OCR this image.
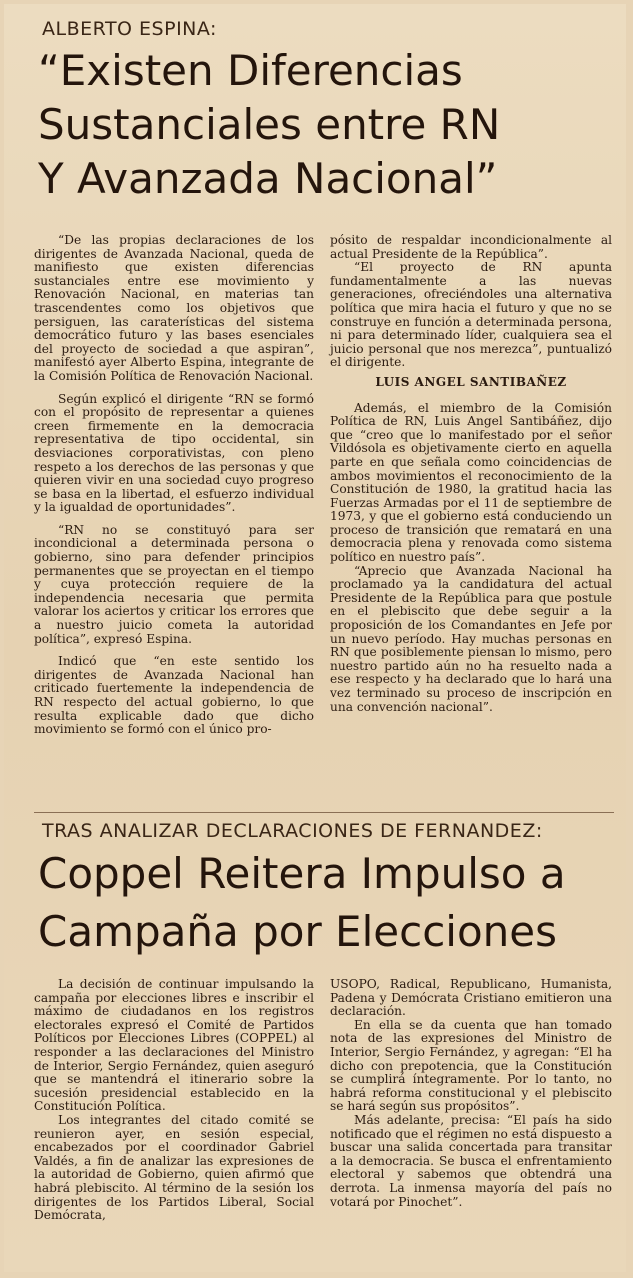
ALBERTO ESPINA:
“Existen Diferencias
Sustanciales entre RN
Y Avanzada Nacional”

“De las propias declaraciones de los dirigentes de Avanzada Nacional, queda de manifiesto que existen diferencias sustanciales entre ese movimiento y Renovación Nacional, en materias tan trascendentes como los objetivos que persiguen, las caraterísticas del sistema democrático futuro y las bases esenciales del proyecto de sociedad a que aspiran”, manifestó ayer Alberto Espina, integrante de la Comisión Política de Renovación Nacional.

Según explicó el dirigente “RN se formó con el propósito de representar a quienes creen firmemente en la democracia representativa de tipo occidental, sin desviaciones corporativistas, con pleno respeto a los derechos de las personas y que quieren vivir en una sociedad cuyo progreso se basa en la libertad, el esfuerzo individual y la igualdad de oportunidades”.

“RN no se constituyó para ser incondicional a determinada persona o gobierno, sino para defender principios permanentes que se proyectan en el tiempo y cuya protección requiere de la independencia necesaria que permita valorar los aciertos y criticar los errores que a nuestro juicio cometa la autoridad política”, expresó Espina.

Indicó que “en este sentido los dirigentes de Avanzada Nacional han criticado fuertemente la independencia de RN respecto del actual gobierno, lo que resulta explicable dado que dicho movimiento se formó con el único pro-

pósito de respaldar incondicionalmente al actual Presidente de la República”.

“El proyecto de RN apunta fundamentalmente a las nuevas generaciones, ofreciéndoles una alternativa política que mira hacia el futuro y que no se construye en función a determinada persona, ni para determinado líder, cualquiera sea el juicio personal que nos merezca”, puntualizó el dirigente.

LUIS ANGEL SANTIBAÑEZ

Además, el miembro de la Comisión Política de RN, Luis Angel Santibáñez, dijo que “creo que lo manifestado por el señor Vildósola es objetivamente cierto en aquella parte en que señala como coincidencias de ambos movimientos el reconocimiento de la Constitución de 1980, la gratitud hacia las Fuerzas Armadas por el 11 de septiembre de 1973, y que el gobierno está conduciendo un proceso de transición que rematará en una democracia plena y renovada como sistema político en nuestro país”.

“Aprecio que Avanzada Nacional ha proclamado ya la candidatura del actual Presidente de la República para que postule en el plebiscito que debe seguir a la proposición de los Comandantes en Jefe por un nuevo período. Hay muchas personas en RN que posiblemente piensan lo mismo, pero nuestro partido aún no ha resuelto nada a ese respecto y ha declarado que lo hará una vez terminado su proceso de inscripción en una convención nacional”.

TRAS ANALIZAR DECLARACIONES DE FERNANDEZ:
Coppel Reitera Impulso a
Campaña por Elecciones

La decisión de continuar impulsando la campaña por elecciones libres e inscribir el máximo de ciudadanos en los registros electorales expresó el Comité de Partidos Políticos por Elecciones Libres (COPPEL) al responder a las declaraciones del Ministro de Interior, Sergio Fernández, quien aseguró que se mantendrá el itinerario sobre la sucesión presidencial establecido en la Constitución Política.

Los integrantes del citado comité se reunieron ayer, en sesión especial, encabezados por el coordinador Gabriel Valdés, a fin de analizar las expresiones de la autoridad de Gobierno, quien afirmó que habrá plebiscito. Al término de la sesión los dirigentes de los Partidos Liberal, Social Demócrata,

USOPO, Radical, Republicano, Humanista, Padena y Demócrata Cristiano emitieron una declaración.

En ella se da cuenta que han tomado nota de las expresiones del Ministro de Interior, Sergio Fernández, y agregan: “El ha dicho con prepotencia, que la Constitución se cumplirá íntegramente. Por lo tanto, no habrá reforma constitucional y el plebiscito se hará según sus propósitos”.

Más adelante, precisa: “El país ha sido notificado que el régimen no está dispuesto a buscar una salida concertada para transitar a la democracia. Se busca el enfrentamiento electoral y sabemos que obtendrá una derrota. La inmensa mayoría del país no votará por Pinochet”.
